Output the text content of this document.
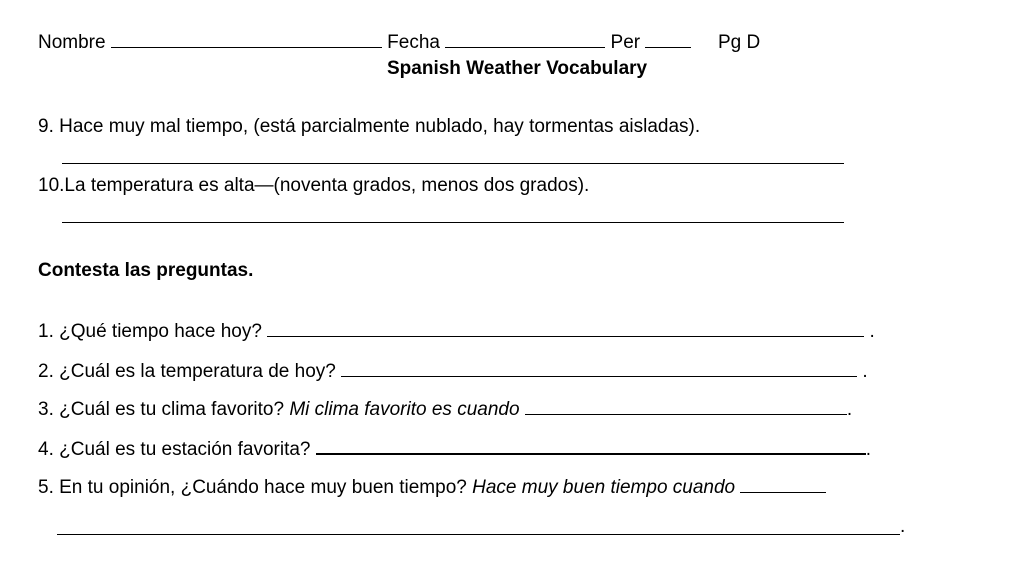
Nombre	Fecha	Per	Pg D
Spanish Weather Vocabulary
9. Hace muy mal tiempo, (está parcialmente nublado, hay tormentas aisladas).
10.La temperatura es alta—(noventa grados, menos dos grados).
Contesta las preguntas.
1. ¿Qué tiempo hace hoy?	.
2. ¿Cuál es la temperatura de hoy?	.
3. ¿Cuál es tu clima favorito? Mi clima favorito es cuando	.
4. ¿Cuál es tu estación favorita?	.
5. En tu opinión, ¿Cuándo hace muy buen tiempo? Hace muy buen tiempo cuando
.
